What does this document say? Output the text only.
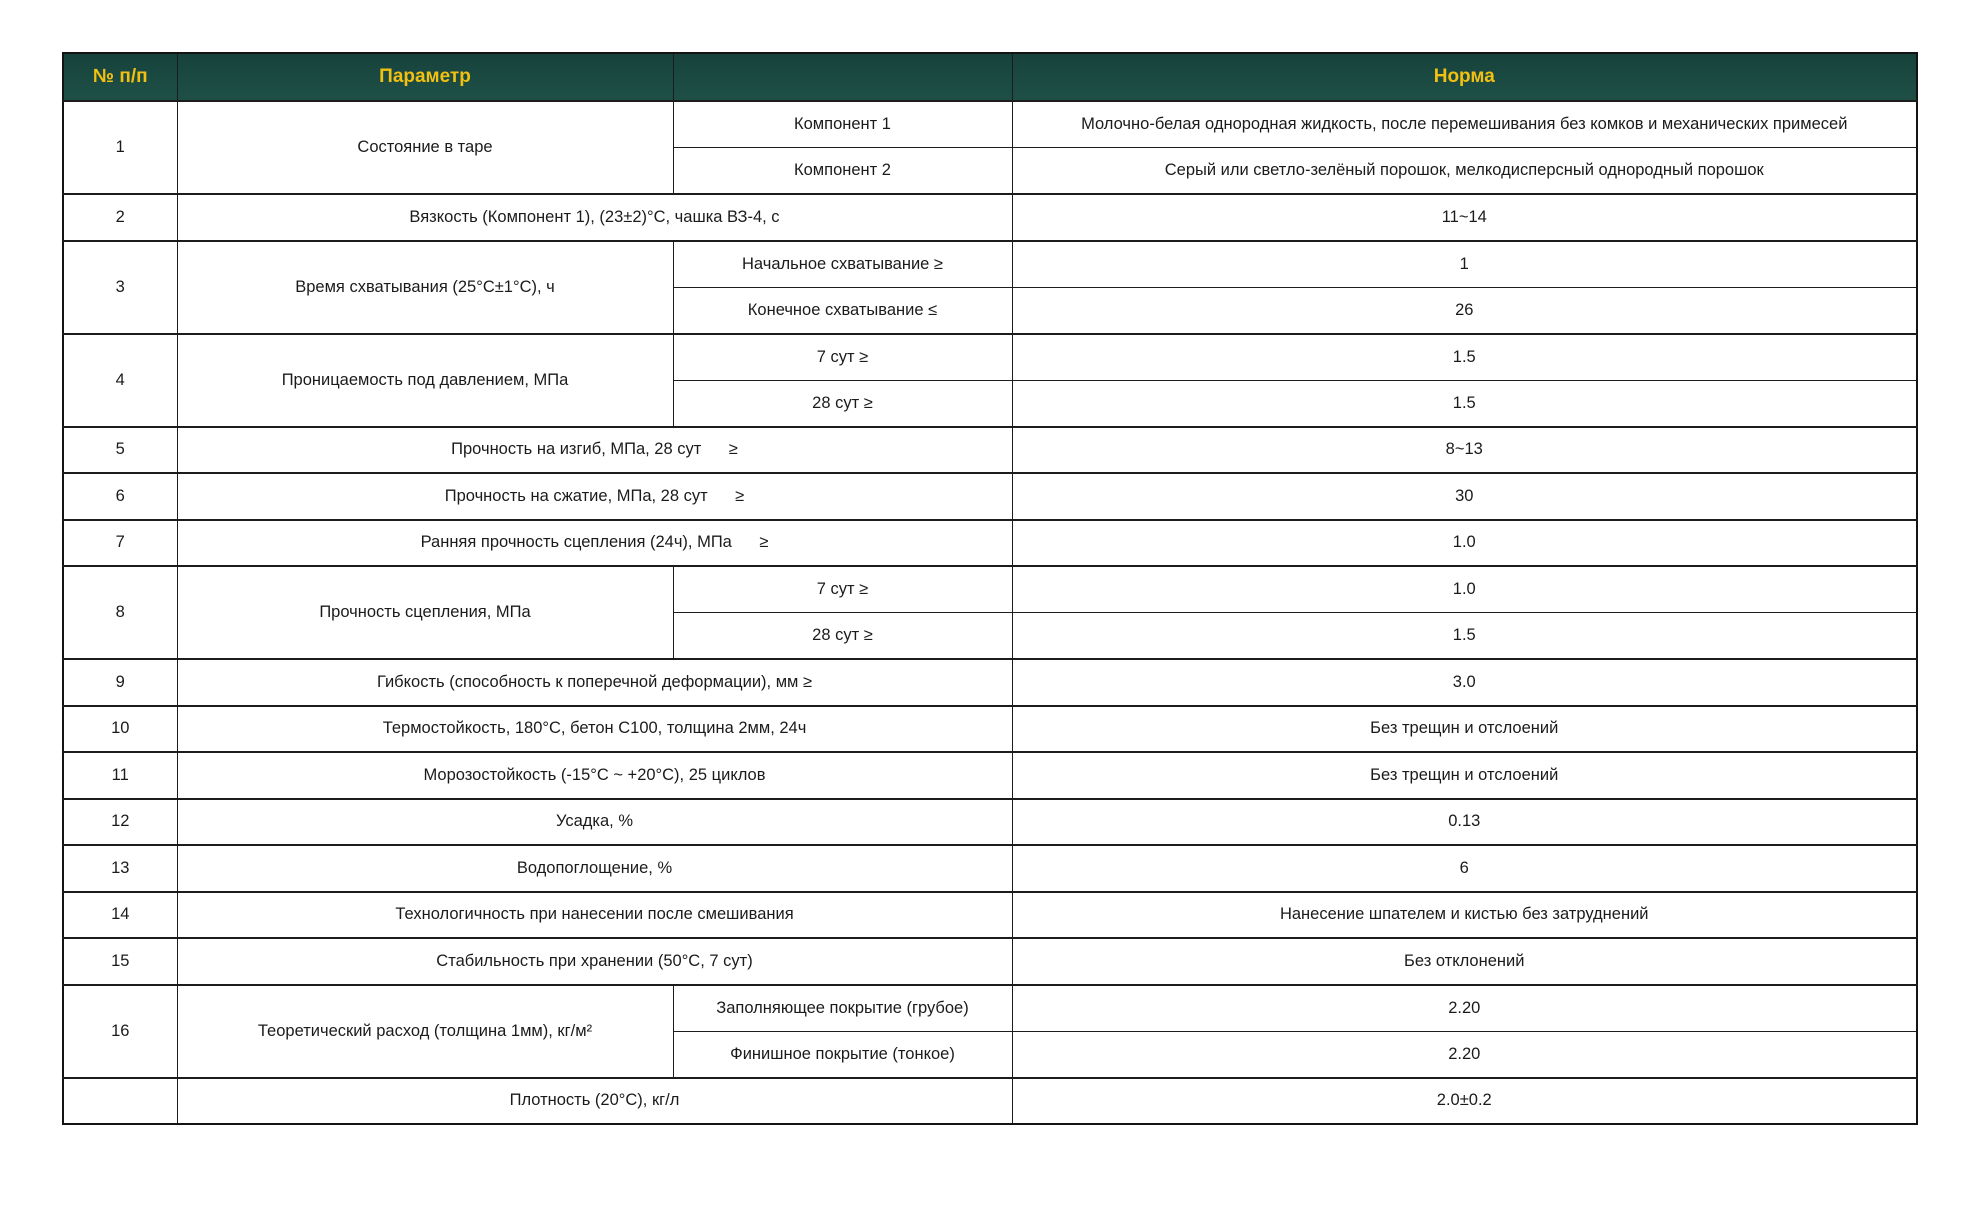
№ п/п	Параметр		Норма
1	Состояние в таре	Компонент 1	Молочно-белая однородная жидкость, после перемешивания без комков и механических примесей
		Компонент 2	Серый или светло-зелёный порошок, мелкодисперсный однородный порошок
2	Вязкость (Компонент 1), (23±2)°C, чашка ВЗ-4, с		11~14
3	Время схватывания (25°C±1°C), ч	Начальное схватывание ≥	1
		Конечное схватывание ≤	26
4	Проницаемость под давлением, МПа	7 сут ≥	1.5
		28 сут ≥	1.5
5	Прочность на изгиб, МПа, 28 сут      ≥		8~13
6	Прочность на сжатие, МПа, 28 сут      ≥		30
7	Ранняя прочность сцепления (24ч), МПа      ≥		1.0
8	Прочность сцепления, МПа	7 сут ≥	1.0
		28 сут ≥	1.5
9	Гибкость (способность к поперечной деформации), мм ≥		3.0
10	Термостойкость, 180°C, бетон С100, толщина 2мм, 24ч		Без трещин и отслоений
11	Морозостойкость (-15°C ~ +20°C), 25 циклов		Без трещин и отслоений
12	Усадка, %		0.13
13	Водопоглощение, %		6
14	Технологичность при нанесении после смешивания		Нанесение шпателем и кистью без затруднений
15	Стабильность при хранении (50°C, 7 сут)		Без отклонений
16	Теоретический расход (толщина 1мм), кг/м²	Заполняющее покрытие (грубое)	2.20
		Финишное покрытие (тонкое)	2.20
	Плотность (20°C), кг/л		2.0±0.2
